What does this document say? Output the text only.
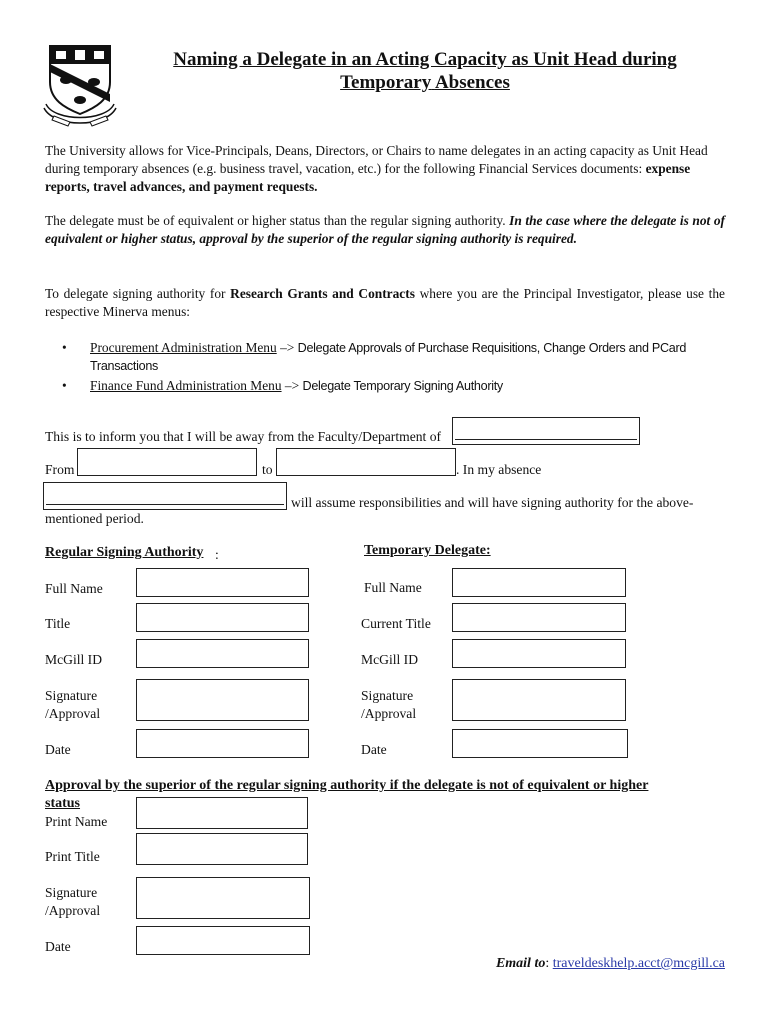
Naming a Delegate in an Acting Capacity as Unit Head during
Temporary Absences
The University allows for Vice-Principals, Deans, Directors, or Chairs to name delegates in an acting capacity as Unit Head during temporary absences (e.g. business travel, vacation, etc.) for the following Financial Services documents: expense reports, travel advances, and payment requests.
The delegate must be of equivalent or higher status than the regular signing authority. In the case where the delegate is not of equivalent or higher status, approval by the superior of the regular signing authority is required.
To delegate signing authority for Research Grants and Contracts where you are the Principal Investigator, please use the respective Minerva menus:
• Procurement Administration Menu –> Delegate Approvals of Purchase Requisitions, Change Orders and PCard Transactions
• Finance Fund Administration Menu –> Delegate Temporary Signing Authority
This is to inform you that I will be away from the Faculty/Department of
From	to	. In my absence
will assume responsibilities and will have signing authority for the above-
mentioned period.
Regular Signing Authority :
Full Name
Title
McGill ID
Signature
/Approval
Date
Temporary Delegate:
Full Name
Current Title
McGill ID
Signature
/Approval
Date
Approval by the superior of the regular signing authority if the delegate is not of equivalent or higher
status
Print Name
Print Title
Signature
/Approval
Date
Email to: traveldeskhelp.acct@mcgill.ca
